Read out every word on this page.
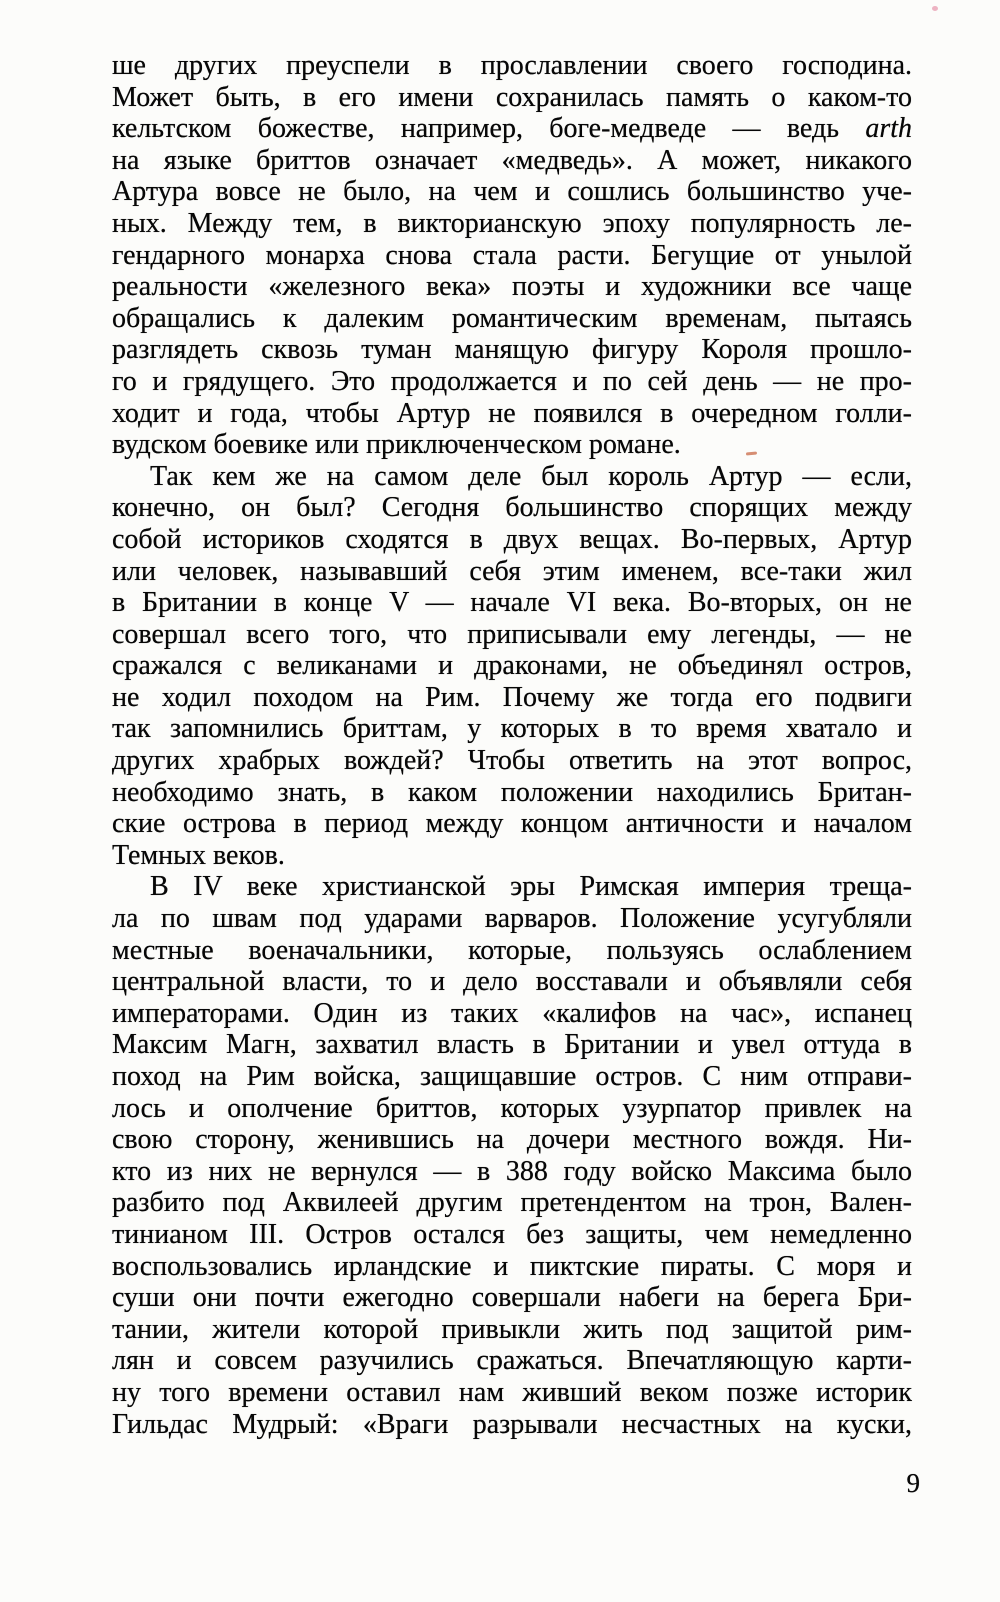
ше других преуспели в прославлении своего господина.
Может быть, в его имени сохранилась память о каком-то
кельтском божестве, например, боге-медведе — ведь arth
на языке бриттов означает «медведь». А может, никакого
Артура вовсе не было, на чем и сошлись большинство уче-
ных. Между тем, в викторианскую эпоху популярность ле-
гендарного монарха снова стала расти. Бегущие от унылой
реальности «железного века» поэты и художники все чаще
обращались к далеким романтическим временам, пытаясь
разглядеть сквозь туман манящую фигуру Короля прошло-
го и грядущего. Это продолжается и по сей день — не про-
ходит и года, чтобы Артур не появился в очередном голли-
вудском боевике или приключенческом романе.
Так кем же на самом деле был король Артур — если,
конечно, он был? Сегодня большинство спорящих между
собой историков сходятся в двух вещах. Во-первых, Артур
или человек, называвший себя этим именем, все-таки жил
в Британии в конце V — начале VI века. Во-вторых, он не
совершал всего того, что приписывали ему легенды, — не
сражался с великанами и драконами, не объединял остров,
не ходил походом на Рим. Почему же тогда его подвиги
так запомнились бриттам, у которых в то время хватало и
других храбрых вождей? Чтобы ответить на этот вопрос,
необходимо знать, в каком положении находились Британ-
ские острова в период между концом античности и началом
Темных веков.
В IV веке христианской эры Римская империя треща-
ла по швам под ударами варваров. Положение усугубляли
местные военачальники, которые, пользуясь ослаблением
центральной власти, то и дело восставали и объявляли себя
императорами. Один из таких «калифов на час», испанец
Максим Магн, захватил власть в Британии и увел оттуда в
поход на Рим войска, защищавшие остров. С ним отправи-
лось и ополчение бриттов, которых узурпатор привлек на
свою сторону, женившись на дочери местного вождя. Ни-
кто из них не вернулся — в 388 году войско Максима было
разбито под Аквилеей другим претендентом на трон, Вален-
тинианом III. Остров остался без защиты, чем немедленно
воспользовались ирландские и пиктские пираты. С моря и
суши они почти ежегодно совершали набеги на берега Бри-
тании, жители которой привыкли жить под защитой рим-
лян и совсем разучились сражаться. Впечатляющую карти-
ну того времени оставил нам живший веком позже историк
Гильдас Мудрый: «Враги разрывали несчастных на куски,
9
